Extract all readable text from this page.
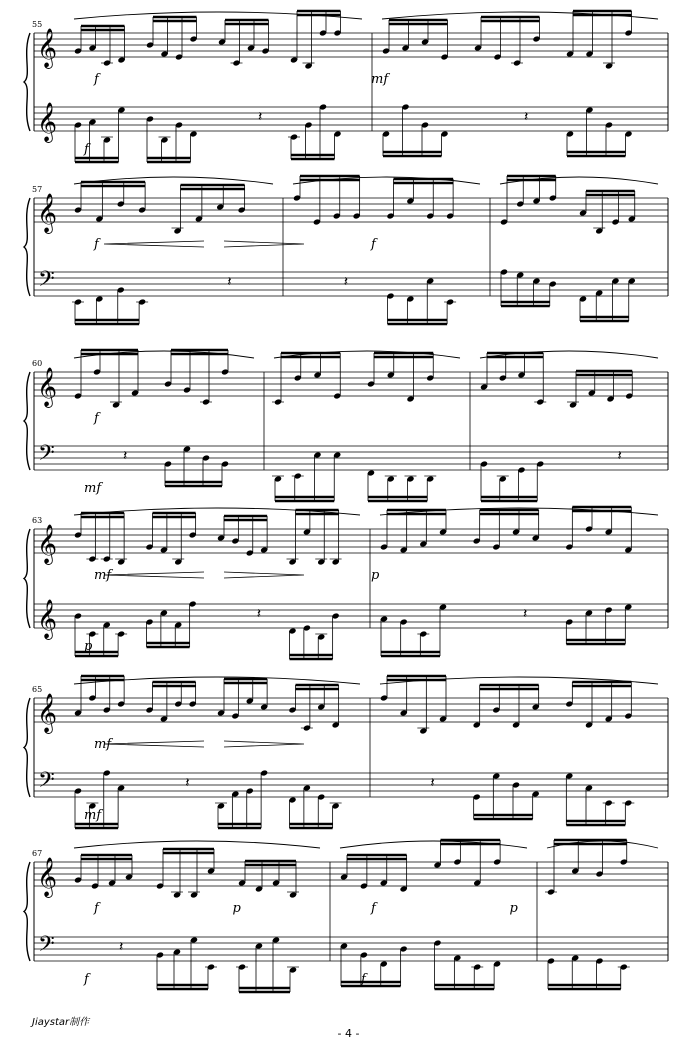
𝄞
𝄞
55
𝄽	𝄽
f	mf
f
𝄞
𝄢
57
𝄽	𝄽
f	f
𝄞
𝄢
60
𝄽	𝄽
f
mf
𝄞
𝄞
63
𝄽	𝄽
mf	p
p
𝄞
𝄢
65
𝄽	𝄽
mf
mf
𝄞
𝄢
67
𝄽
f	p	f	p
f	f
Jiaystar制作
- 4 -
